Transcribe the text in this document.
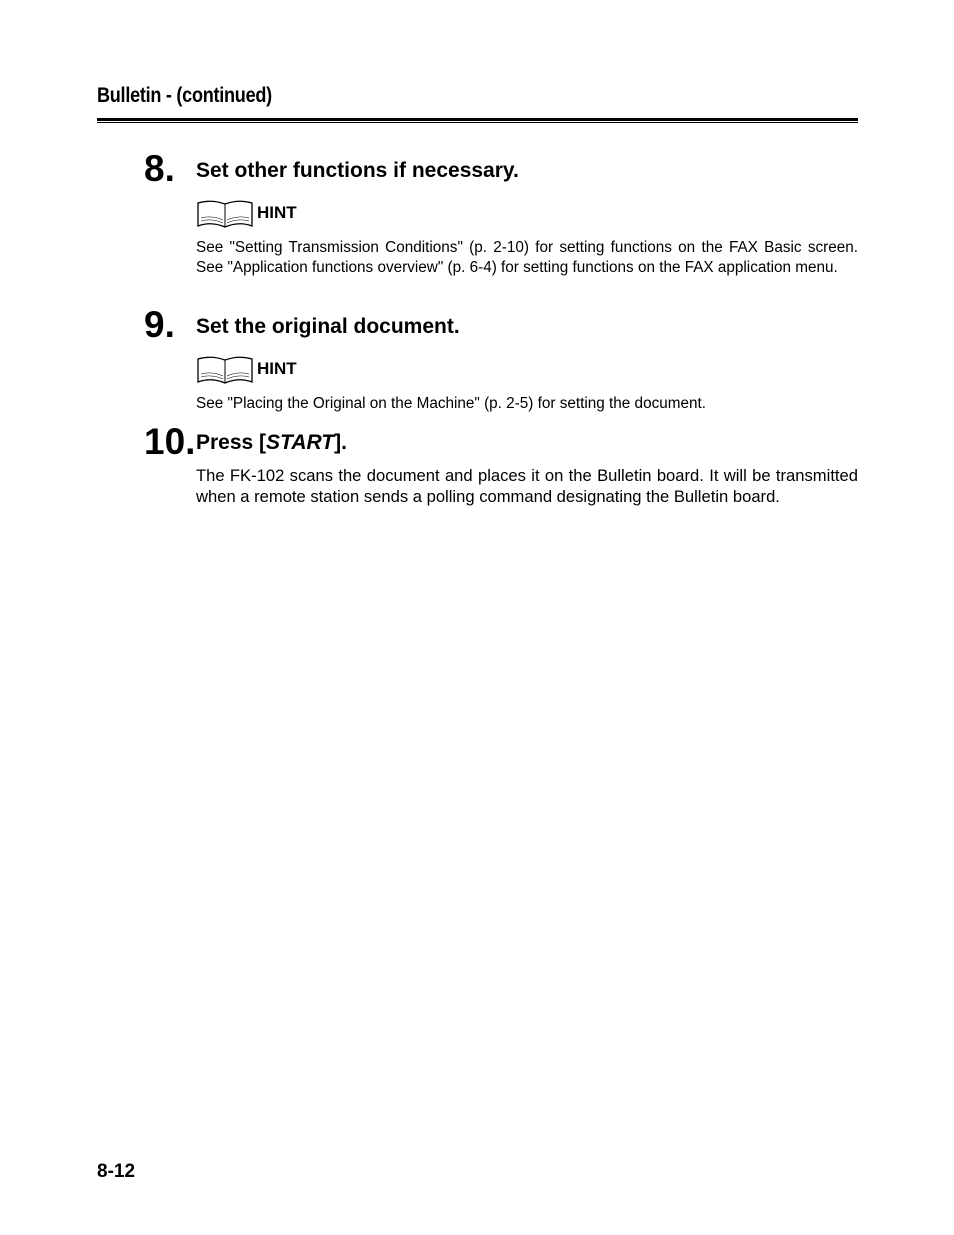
Bulletin - (continued)
8. Set other functions if necessary.
HINT
See "Setting Transmission Conditions" (p. 2-10) for setting functions on the FAX Basic screen. See "Application functions overview" (p. 6-4) for setting functions on the FAX application menu.
9. Set the original document.
HINT
See "Placing the Original on the Machine" (p. 2-5) for setting the document.
10. Press [START].
The FK-102 scans the document and places it on the Bulletin board. It will be transmitted when a remote station sends a polling command designating the Bulletin board.
8-12
